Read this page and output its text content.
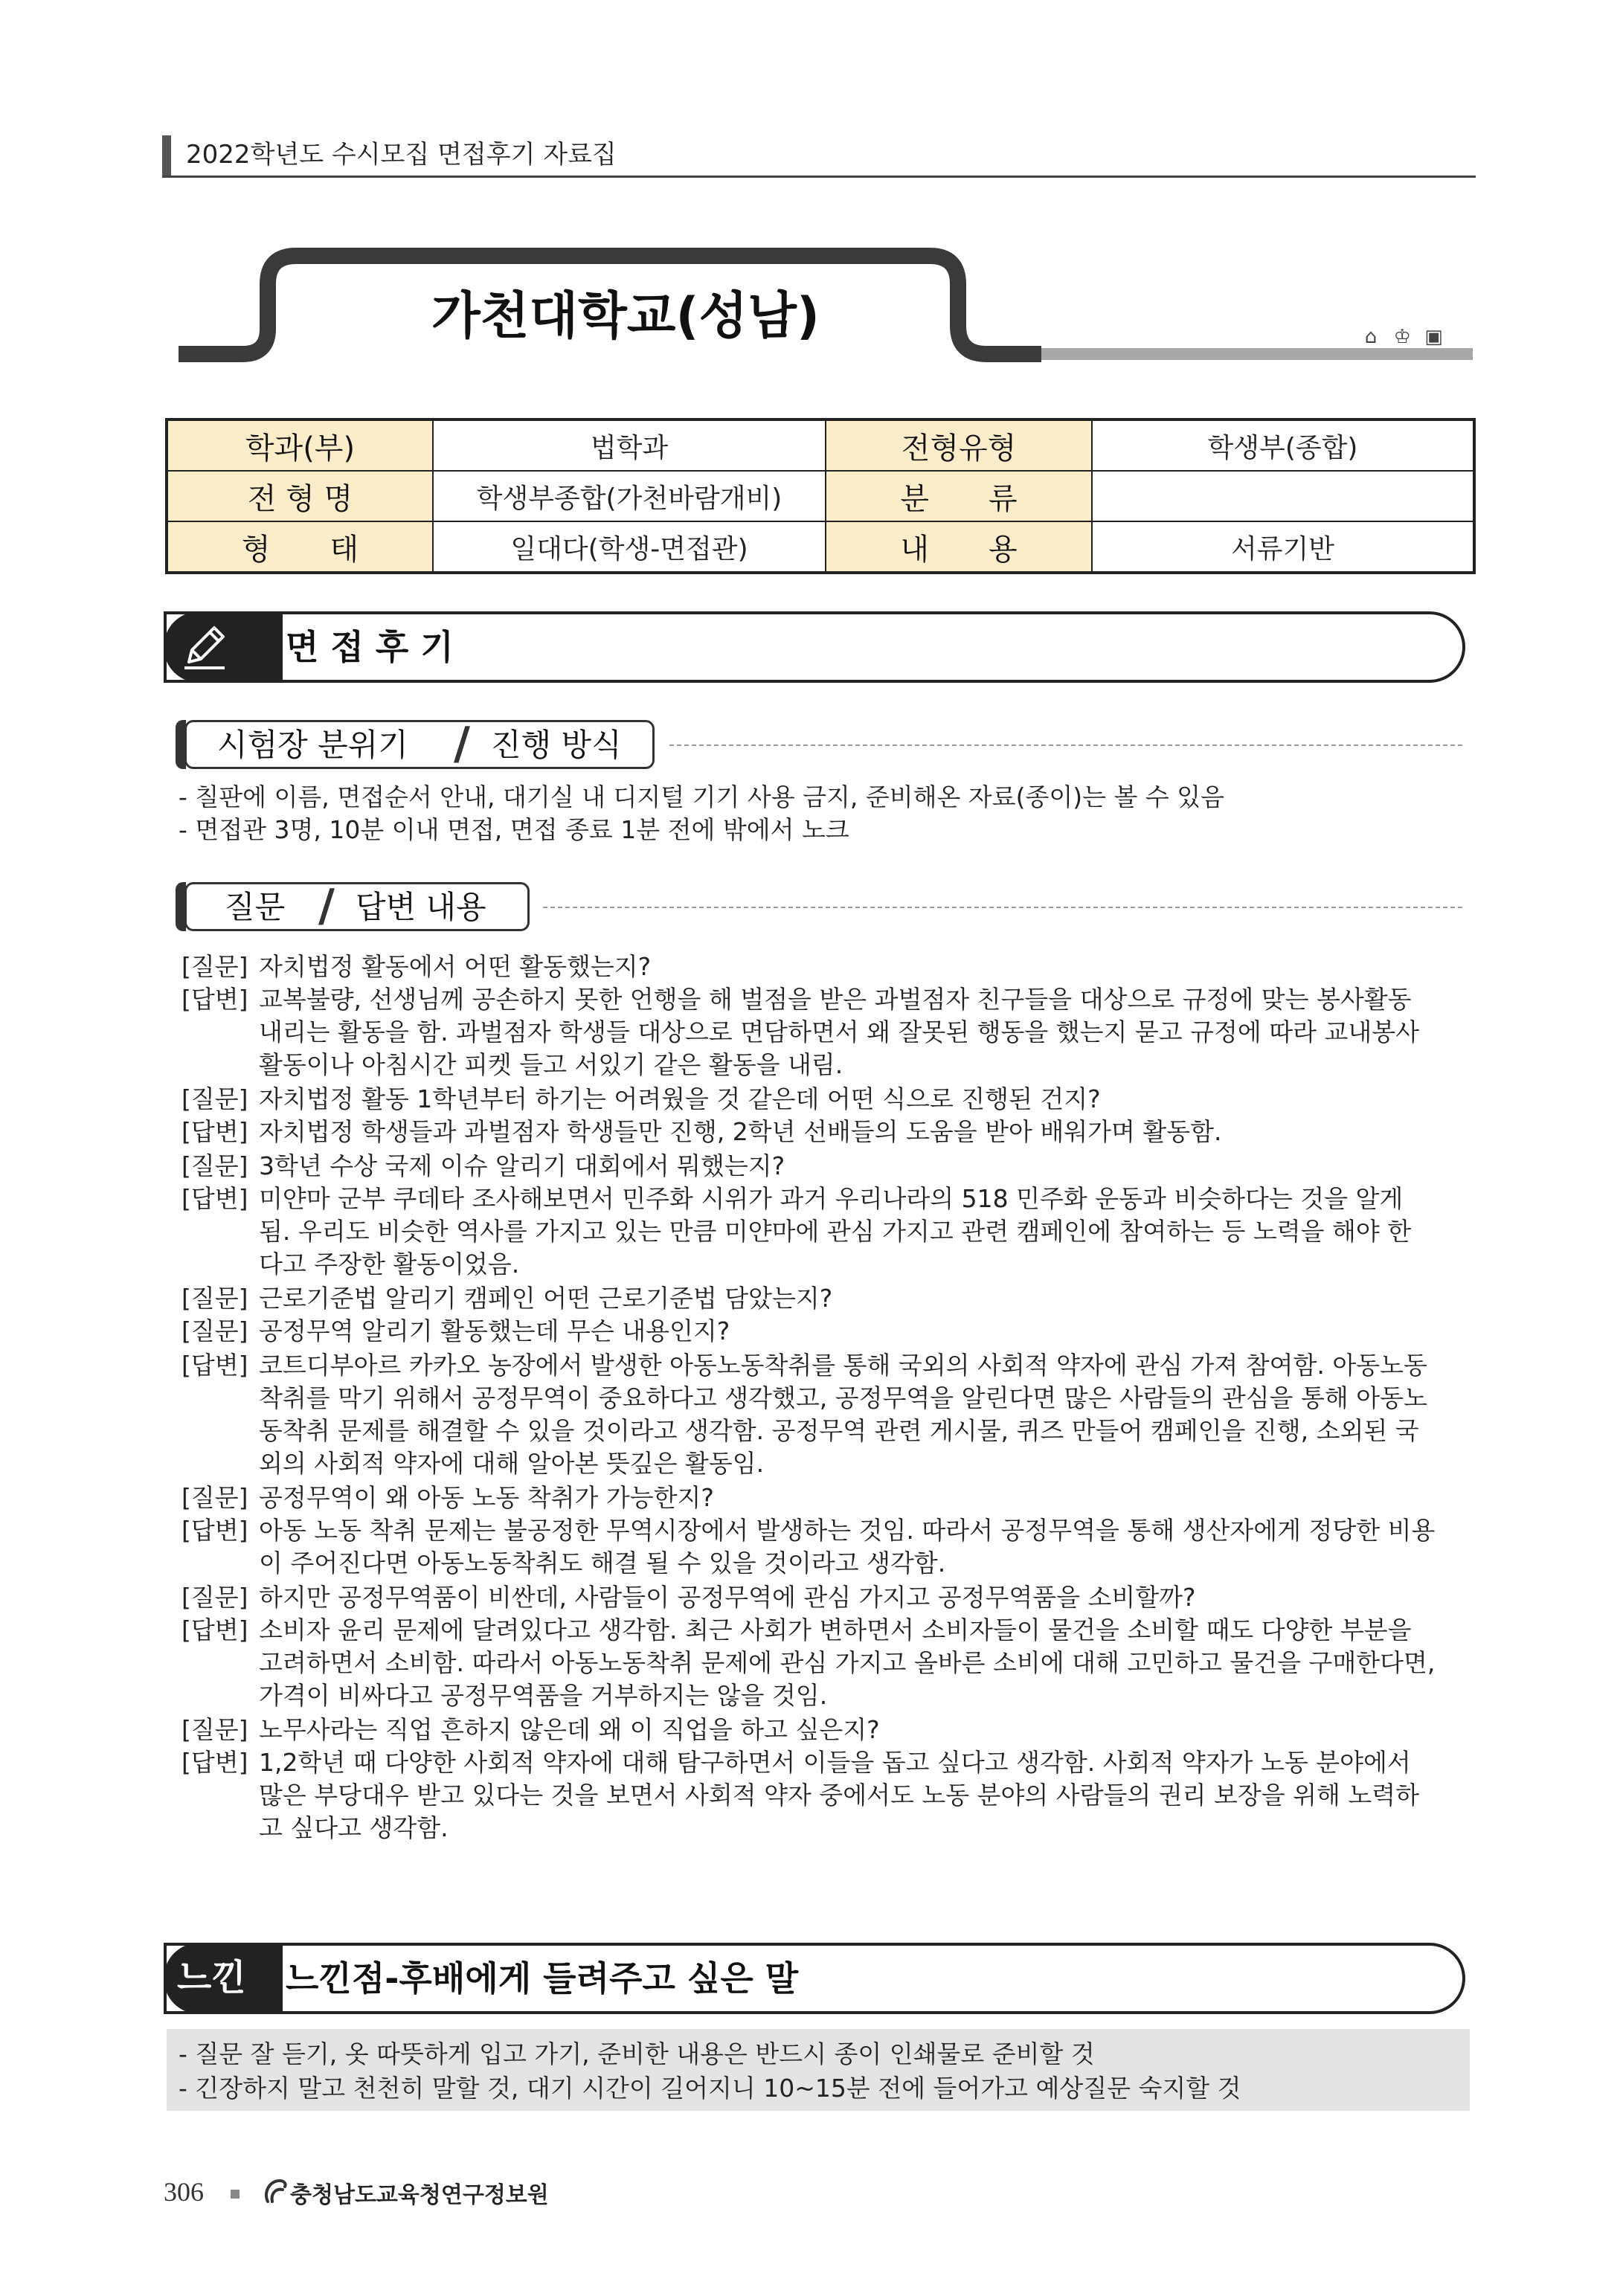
2022학년도 수시모집 면접후기 자료집
가천대학교(성남)	⌂ ♔ ▣
학과(부)	법학과	전형유형	학생부(종합)
전 형 명	학생부종합(가천바람개비)	분　　류	
형　　태	일대다(학생-면접관)	내　　용	서류기반
면 접 후 기
시험장 분위기 / 진행 방식
- 칠판에 이름, 면접순서 안내, 대기실 내 디지털 기기 사용 금지, 준비해온 자료(종이)는 볼 수 있음
- 면접관 3명, 10분 이내 면접, 면접 종료 1분 전에 밖에서 노크
질문 / 답변 내용
[질문] 자치법정 활동에서 어떤 활동했는지?
[답변] 교복불량, 선생님께 공손하지 못한 언행을 해 벌점을 받은 과벌점자 친구들을 대상으로 규정에 맞는 봉사활동
내리는 활동을 함. 과벌점자 학생들 대상으로 면담하면서 왜 잘못된 행동을 했는지 묻고 규정에 따라 교내봉사
활동이나 아침시간 피켓 들고 서있기 같은 활동을 내림.
[질문] 자치법정 활동 1학년부터 하기는 어려웠을 것 같은데 어떤 식으로 진행된 건지?
[답변] 자치법정 학생들과 과벌점자 학생들만 진행, 2학년 선배들의 도움을 받아 배워가며 활동함.
[질문] 3학년 수상 국제 이슈 알리기 대회에서 뭐했는지?
[답변] 미얀마 군부 쿠데타 조사해보면서 민주화 시위가 과거 우리나라의 518 민주화 운동과 비슷하다는 것을 알게
됨. 우리도 비슷한 역사를 가지고 있는 만큼 미얀마에 관심 가지고 관련 캠페인에 참여하는 등 노력을 해야 한
다고 주장한 활동이었음.
[질문] 근로기준법 알리기 캠페인 어떤 근로기준법 담았는지?
[질문] 공정무역 알리기 활동했는데 무슨 내용인지?
[답변] 코트디부아르 카카오 농장에서 발생한 아동노동착취를 통해 국외의 사회적 약자에 관심 가져 참여함. 아동노동
착취를 막기 위해서 공정무역이 중요하다고 생각했고, 공정무역을 알린다면 많은 사람들의 관심을 통해 아동노
동착취 문제를 해결할 수 있을 것이라고 생각함. 공정무역 관련 게시물, 퀴즈 만들어 캠페인을 진행, 소외된 국
외의 사회적 약자에 대해 알아본 뜻깊은 활동임.
[질문] 공정무역이 왜 아동 노동 착취가 가능한지?
[답변] 아동 노동 착취 문제는 불공정한 무역시장에서 발생하는 것임. 따라서 공정무역을 통해 생산자에게 정당한 비용
이 주어진다면 아동노동착취도 해결 될 수 있을 것이라고 생각함.
[질문] 하지만 공정무역품이 비싼데, 사람들이 공정무역에 관심 가지고 공정무역품을 소비할까?
[답변] 소비자 윤리 문제에 달려있다고 생각함. 최근 사회가 변하면서 소비자들이 물건을 소비할 때도 다양한 부분을
고려하면서 소비함. 따라서 아동노동착취 문제에 관심 가지고 올바른 소비에 대해 고민하고 물건을 구매한다면,
가격이 비싸다고 공정무역품을 거부하지는 않을 것임.
[질문] 노무사라는 직업 흔하지 않은데 왜 이 직업을 하고 싶은지?
[답변] 1,2학년 때 다양한 사회적 약자에 대해 탐구하면서 이들을 돕고 싶다고 생각함. 사회적 약자가 노동 분야에서
많은 부당대우 받고 있다는 것을 보면서 사회적 약자 중에서도 노동 분야의 사람들의 권리 보장을 위해 노력하
고 싶다고 생각함.
느낀 느낀점-후배에게 들려주고 싶은 말
- 질문 잘 듣기, 옷 따뜻하게 입고 가기, 준비한 내용은 반드시 종이 인쇄물로 준비할 것
- 긴장하지 말고 천천히 말할 것, 대기 시간이 길어지니 10~15분 전에 들어가고 예상질문 숙지할 것
306	충청남도교육청연구정보원
